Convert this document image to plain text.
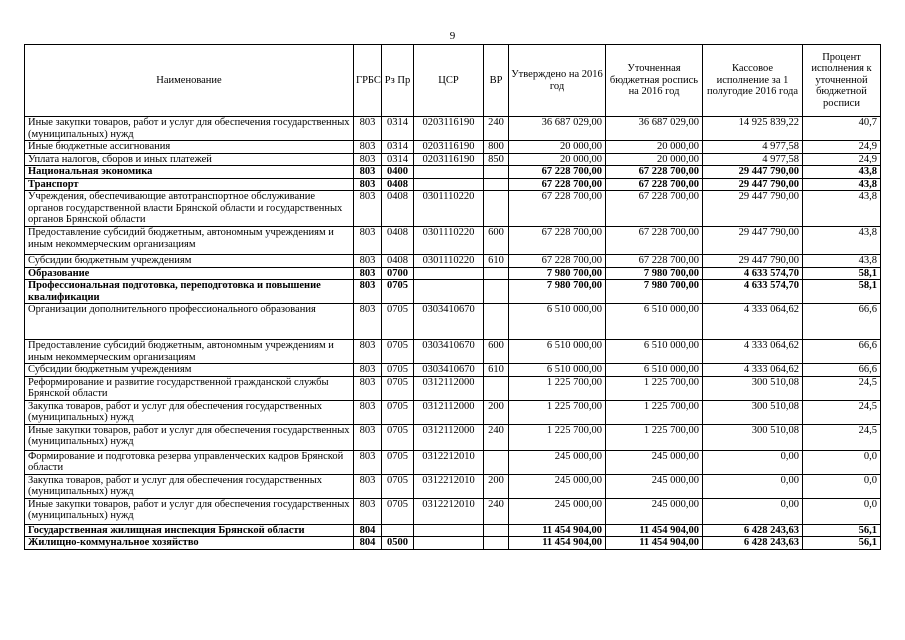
9
Наименование	ГРБС	Рз Пр	ЦСР	ВР	Утверждено на 2016 год	Уточненная бюджетная роспись на 2016 год	Кассовое исполнение за 1 полугодие 2016 года	Процент исполнения к уточненной бюджетной росписи
Иные закупки товаров, работ и услуг для обеспечения государственных (муниципальных) нужд	803	0314	0203116190	240	36 687 029,00	36 687 029,00	14 925 839,22	40,7
Иные бюджетные ассигнования	803	0314	0203116190	800	20 000,00	20 000,00	4 977,58	24,9
Уплата налогов, сборов и иных платежей	803	0314	0203116190	850	20 000,00	20 000,00	4 977,58	24,9
Национальная экономика	803	0400			67 228 700,00	67 228 700,00	29 447 790,00	43,8
Транспорт	803	0408			67 228 700,00	67 228 700,00	29 447 790,00	43,8
Учреждения, обеспечивающие автотранспортное обслуживание органов государственной власти Брянской области и государственных органов Брянской области	803	0408	0301110220		67 228 700,00	67 228 700,00	29 447 790,00	43,8
Предоставление субсидий бюджетным, автономным учреждениям и иным некоммерческим организациям	803	0408	0301110220	600	67 228 700,00	67 228 700,00	29 447 790,00	43,8
Субсидии бюджетным учреждениям	803	0408	0301110220	610	67 228 700,00	67 228 700,00	29 447 790,00	43,8
Образование	803	0700			7 980 700,00	7 980 700,00	4 633 574,70	58,1
Профессиональная подготовка, переподготовка и повышение квалификации	803	0705			7 980 700,00	7 980 700,00	4 633 574,70	58,1
Организации дополнительного профессионального образования	803	0705	0303410670		6 510 000,00	6 510 000,00	4 333 064,62	66,6
Предоставление субсидий бюджетным, автономным учреждениям и иным некоммерческим организациям	803	0705	0303410670	600	6 510 000,00	6 510 000,00	4 333 064,62	66,6
Субсидии бюджетным учреждениям	803	0705	0303410670	610	6 510 000,00	6 510 000,00	4 333 064,62	66,6
Реформирование и развитие государственной гражданской службы Брянской области	803	0705	0312112000		1 225 700,00	1 225 700,00	300 510,08	24,5
Закупка товаров, работ и услуг для обеспечения государственных (муниципальных) нужд	803	0705	0312112000	200	1 225 700,00	1 225 700,00	300 510,08	24,5
Иные закупки товаров, работ и услуг для обеспечения государственных (муниципальных) нужд	803	0705	0312112000	240	1 225 700,00	1 225 700,00	300 510,08	24,5
Формирование и подготовка резерва управленческих кадров Брянской области	803	0705	0312212010		245 000,00	245 000,00	0,00	0,0
Закупка товаров, работ и услуг для обеспечения государственных (муниципальных) нужд	803	0705	0312212010	200	245 000,00	245 000,00	0,00	0,0
Иные закупки товаров, работ и услуг для обеспечения государственных (муниципальных) нужд	803	0705	0312212010	240	245 000,00	245 000,00	0,00	0,0
Государственная жилищная инспекция Брянской области	804				11 454 904,00	11 454 904,00	6 428 243,63	56,1
Жилищно-коммунальное хозяйство	804	0500			11 454 904,00	11 454 904,00	6 428 243,63	56,1
